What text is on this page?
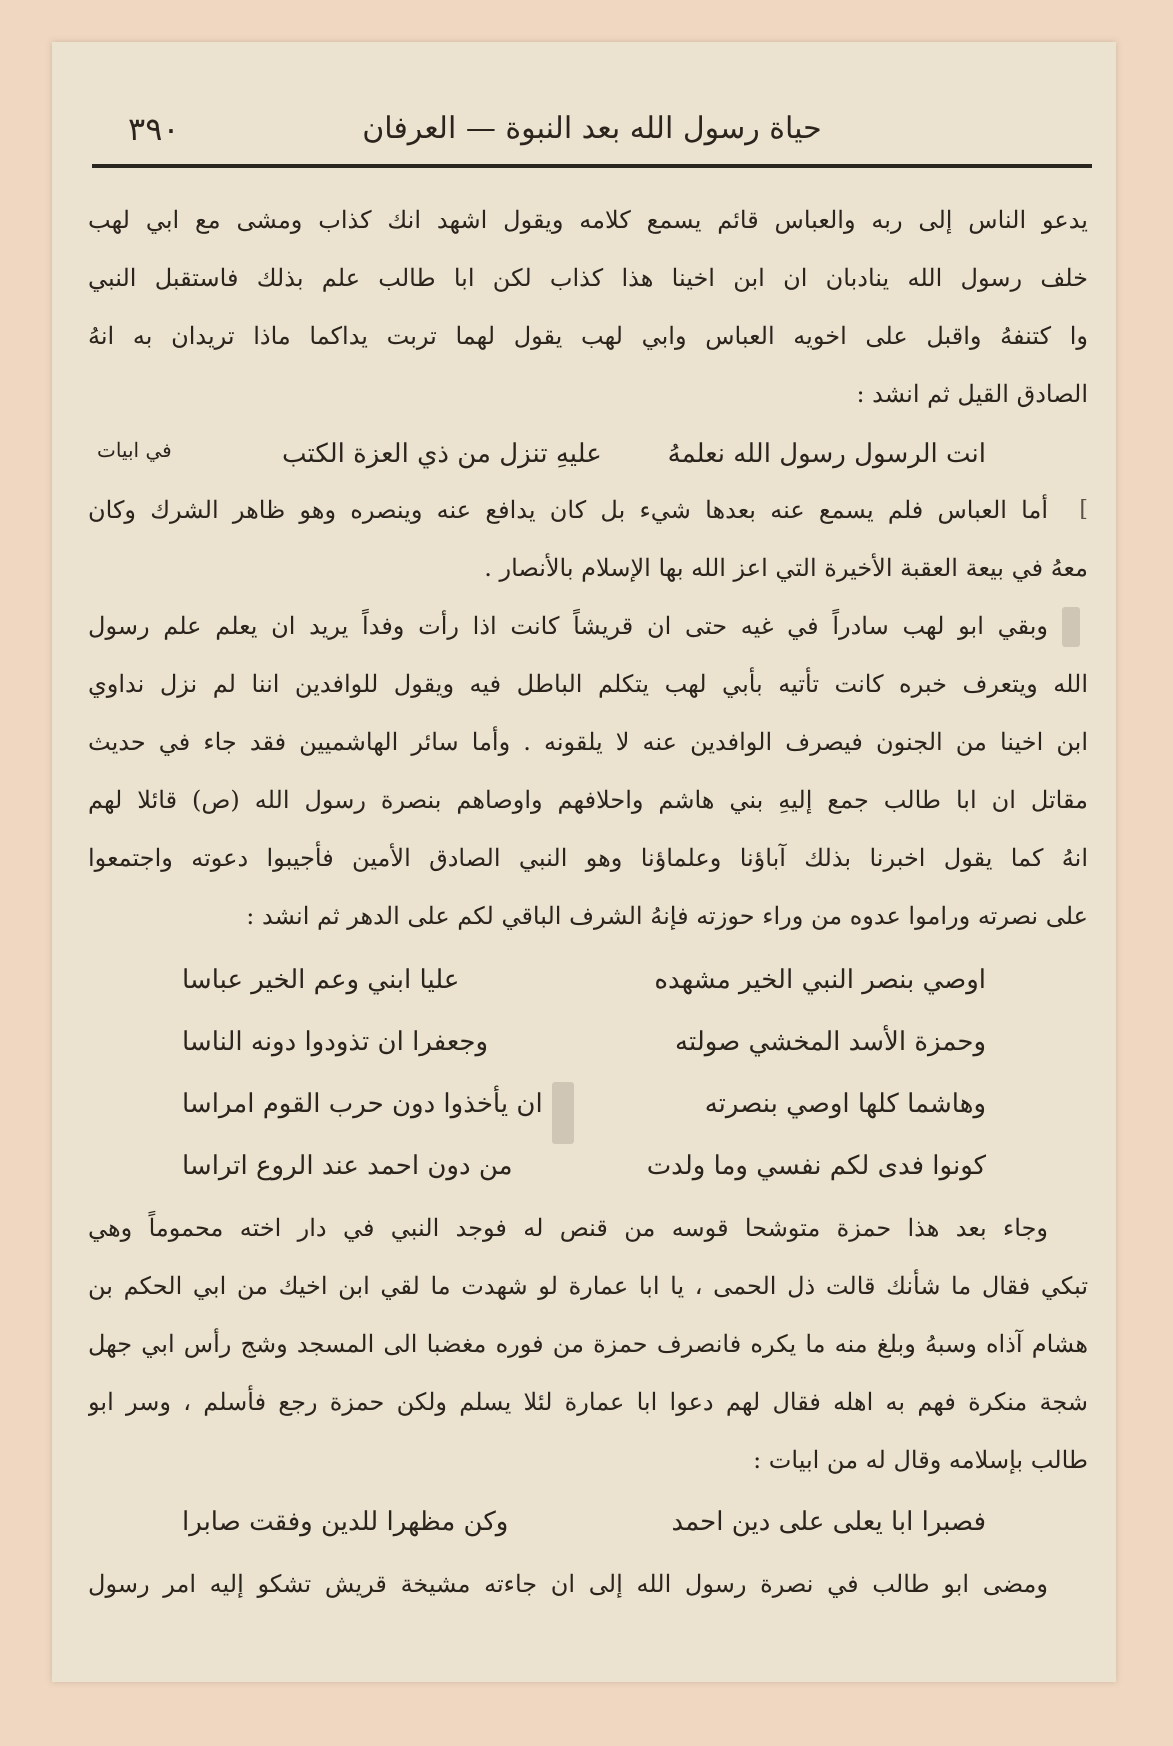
٣٩٠	حياة رسول الله بعد النبوة — العرفان
يدعو الناس إلى ربه والعباس قائم يسمع كلامه ويقول اشهد انك كذاب ومشى مع ابي لهب
خلف رسول الله ينادبان ان ابن اخينا هذا كذاب لكن ابا طالب علم بذلك فاستقبل النبي
وا كتنفهُ واقبل على اخويه العباس وابي لهب يقول لهما تربت يداكما ماذا تريدان به انهُ
الصادق القيل ثم انشد :
انت الرسول رسول الله نعلمهُ
عليهِ تنزل من ذي العزة الكتب
في ابيات
[
أما العباس فلم يسمع عنه بعدها شيء بل كان يدافع عنه وينصره وهو ظاهر الشرك وكان
معهُ في بيعة العقبة الأخيرة التي اعز الله بها الإسلام بالأنصار .
وبقي ابو لهب سادراً في غيه حتى ان قريشاً كانت اذا رأت وفداً يريد ان يعلم علم رسول
الله ويتعرف خبره كانت تأتيه بأبي لهب يتكلم الباطل فيه ويقول للوافدين اننا لم نزل نداوي
ابن اخينا من الجنون فيصرف الوافدين عنه لا يلقونه . وأما سائر الهاشميين فقد جاء في حديث
مقاتل ان ابا طالب جمع إليهِ بني هاشم واحلافهم واوصاهم بنصرة رسول الله (ص) قائلا لهم
انهُ كما يقول اخبرنا بذلك آباؤنا وعلماؤنا وهو النبي الصادق الأمين فأجيبوا دعوته واجتمعوا
على نصرته وراموا عدوه من وراء حوزته فإنهُ الشرف الباقي لكم على الدهر ثم انشد :
اوصي بنصر النبي الخير مشهده
عليا ابني وعم الخير عباسا
وحمزة الأسد المخشي صولته
وجعفرا ان تذودوا دونه الناسا
وهاشما كلها اوصي بنصرته
ان يأخذوا دون حرب القوم امراسا
كونوا فدى لكم نفسي وما ولدت
من دون احمد عند الروع اتراسا
وجاء بعد هذا حمزة متوشحا قوسه من قنص له فوجد النبي في دار اخته محموماً وهي
تبكي فقال ما شأنك قالت ذل الحمى ، يا ابا عمارة لو شهدت ما لقي ابن اخيك من ابي الحكم بن
هشام آذاه وسبهُ وبلغ منه ما يكره فانصرف حمزة من فوره مغضبا الى المسجد وشج رأس ابي جهل
شجة منكرة فهم به اهله فقال لهم دعوا ابا عمارة لئلا يسلم ولكن حمزة رجع فأسلم ، وسر ابو
طالب بإسلامه وقال له من ابيات :
فصبرا ابا يعلى على دين احمد
وكن مظهرا للدين وفقت صابرا
ومضى ابو طالب في نصرة رسول الله إلى ان جاءته مشيخة قريش تشكو إليه امر رسول
